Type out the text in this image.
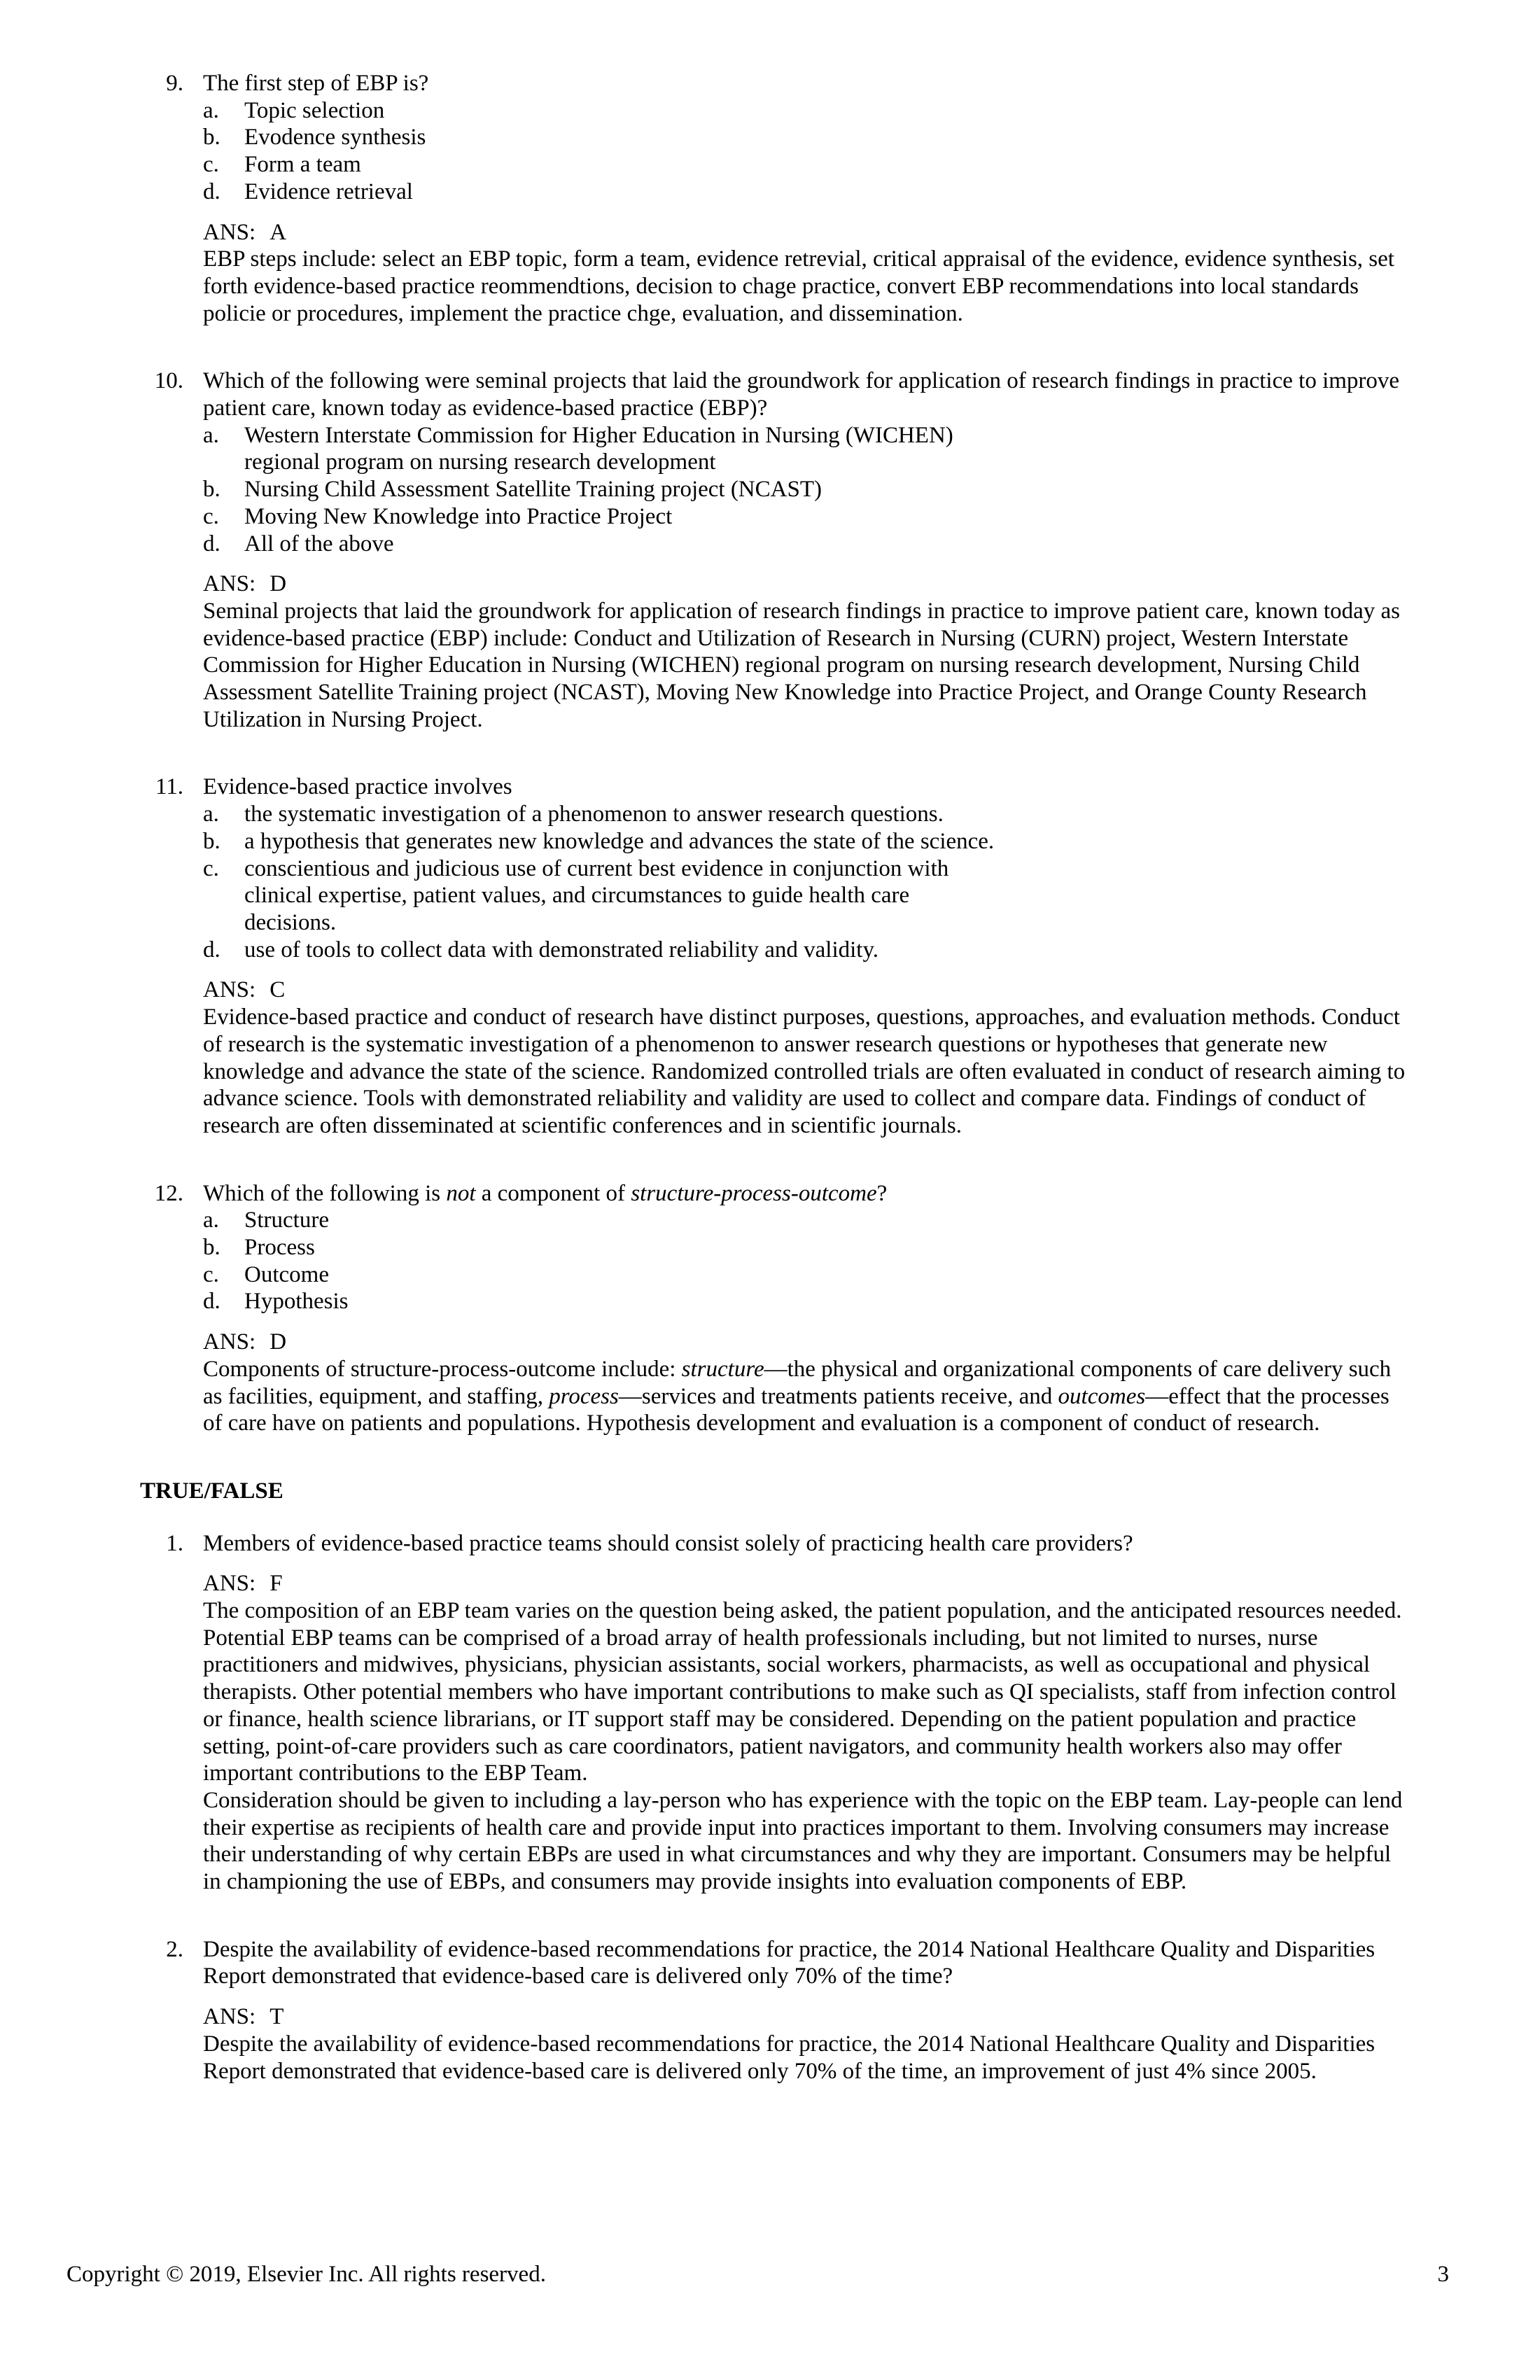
9. The first step of EBP is?
a.	Topic selection
b.	Evodence synthesis
c.	Form a team
d.	Evidence retrieval
ANS: A

EBP steps include: select an EBP topic, form a team, evidence retrevial, critical appraisal of the evidence, evidence synthesis, set forth evidence-based practice reommendtions, decision to chage practice, convert EBP recommendations into local standards policie or procedures, implement the practice chge, evaluation, and dissemination.

10. Which of the following were seminal projects that laid the groundwork for application of research findings in practice to improve patient care, known today as evidence-based practice (EBP)?
a.	Western Interstate Commission for Higher Education in Nursing (WICHEN)
regional program on nursing research development
b.	Nursing Child Assessment Satellite Training project (NCAST)
c.	Moving New Knowledge into Practice Project
d.	All of the above
ANS: D

Seminal projects that laid the groundwork for application of research findings in practice to improve patient care, known today as evidence-based practice (EBP) include: Conduct and Utilization of Research in Nursing (CURN) project, Western Interstate Commission for Higher Education in Nursing (WICHEN) regional program on nursing research development, Nursing Child Assessment Satellite Training project (NCAST), Moving New Knowledge into Practice Project, and Orange County Research Utilization in Nursing Project.

11. Evidence-based practice involves
a.	the systematic investigation of a phenomenon to answer research questions.
b.	a hypothesis that generates new knowledge and advances the state of the science.
c.	conscientious and judicious use of current best evidence in conjunction with
clinical expertise, patient values, and circumstances to guide health care
decisions.
d.	use of tools to collect data with demonstrated reliability and validity.
ANS: C

Evidence-based practice and conduct of research have distinct purposes, questions, approaches, and evaluation methods. Conduct of research is the systematic investigation of a phenomenon to answer research questions or hypotheses that generate new knowledge and advance the state of the science. Randomized controlled trials are often evaluated in conduct of research aiming to advance science. Tools with demonstrated reliability and validity are used to collect and compare data. Findings of conduct of research are often disseminated at scientific conferences and in scientific journals.

12. Which of the following is not a component of structure-process-outcome?
a.	Structure
b.	Process
c.	Outcome
d.	Hypothesis
ANS: D

Components of structure-process-outcome include: structure—the physical and organizational components of care delivery such as facilities, equipment, and staffing, process—services and treatments patients receive, and outcomes—effect that the processes of care have on patients and populations. Hypothesis development and evaluation is a component of conduct of research.

TRUE/FALSE
1. Members of evidence-based practice teams should consist solely of practicing health care providers?
ANS: F

The composition of an EBP team varies on the question being asked, the patient population, and the anticipated resources needed. Potential EBP teams can be comprised of a broad array of health professionals including, but not limited to nurses, nurse practitioners and midwives, physicians, physician assistants, social workers, pharmacists, as well as occupational and physical therapists. Other potential members who have important contributions to make such as QI specialists, staff from infection control or finance, health science librarians, or IT support staff may be considered. Depending on the patient population and practice setting, point-of-care providers such as care coordinators, patient navigators, and community health workers also may offer important contributions to the EBP Team.

Consideration should be given to including a lay-person who has experience with the topic on the EBP team. Lay-people can lend their expertise as recipients of health care and provide input into practices important to them. Involving consumers may increase their understanding of why certain EBPs are used in what circumstances and why they are important. Consumers may be helpful in championing the use of EBPs, and consumers may provide insights into evaluation components of EBP.

2. Despite the availability of evidence-based recommendations for practice, the 2014 National Healthcare Quality and Disparities Report demonstrated that evidence-based care is delivered only 70% of the time?
ANS: T

Despite the availability of evidence-based recommendations for practice, the 2014 National Healthcare Quality and Disparities Report demonstrated that evidence-based care is delivered only 70% of the time, an improvement of just 4% since 2005.

Copyright © 2019, Elsevier Inc. All rights reserved.	3
